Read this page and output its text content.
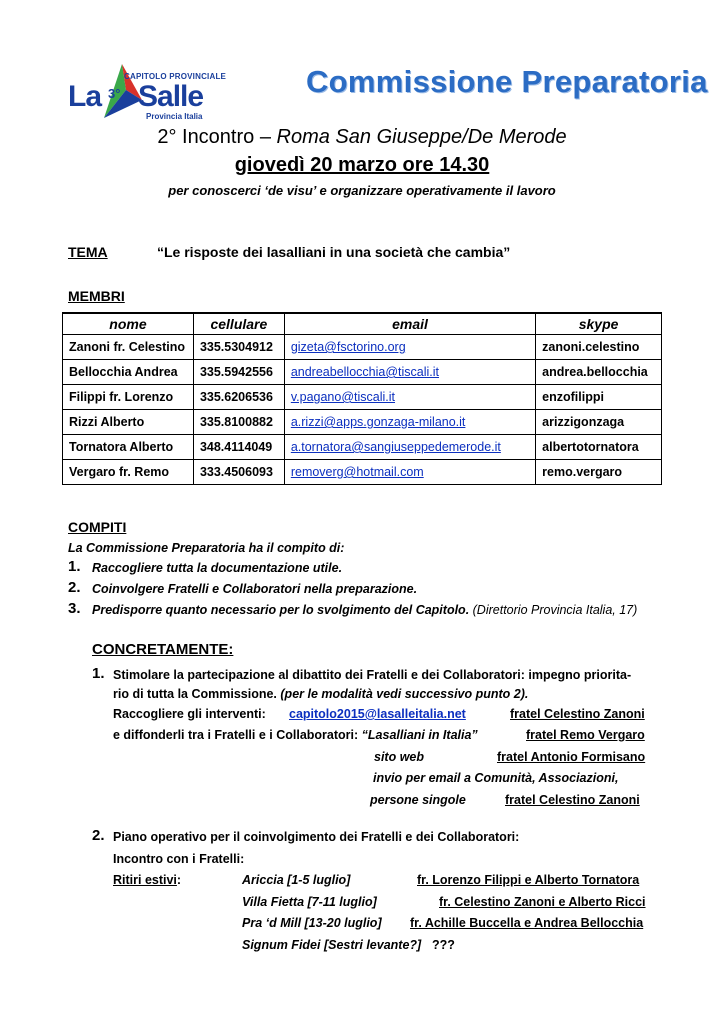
CAPITOLO PROVINCIALE
La 3° Salle
Provincia Italia
Commissione Preparatoria
2° Incontro – Roma San Giuseppe/De Merode
giovedì 20 marzo ore 14.30
per conoscerci ‘de visu’ e organizzare operativamente il lavoro
TEMA	“Le risposte dei lasalliani in una società che cambia”
MEMBRI
nome	cellulare	email	skype
Zanoni fr. Celestino	335.5304912	gizeta@fsctorino.org	zanoni.celestino
Bellocchia Andrea	335.5942556	andreabellocchia@tiscali.it	andrea.bellocchia
Filippi fr. Lorenzo	335.6206536	v.pagano@tiscali.it	enzofilippi
Rizzi Alberto	335.8100882	a.rizzi@apps.gonzaga-milano.it	arizzigonzaga
Tornatora Alberto	348.4114049	a.tornatora@sangiuseppedemerode.it	albertotornatora
Vergaro fr. Remo	333.4506093	removerg@hotmail.com	remo.vergaro
COMPITI
La Commissione Preparatoria ha il compito di:
1. Raccogliere tutta la documentazione utile.
2. Coinvolgere Fratelli e Collaboratori nella preparazione.
3. Predisporre quanto necessario per lo svolgimento del Capitolo. (Direttorio Provincia Italia, 17)
CONCRETAMENTE:
1. Stimolare la partecipazione al dibattito dei Fratelli e dei Collaboratori: impegno priorita-
rio di tutta la Commissione. (per le modalità vedi successivo punto 2).
Raccogliere gli interventi: capitolo2015@lasalleitalia.net	fratel Celestino Zanoni
e diffonderli tra i Fratelli e i Collaboratori: “Lasalliani in Italia”	fratel Remo Vergaro
sito web	fratel Antonio Formisano
invio per email a Comunità, Associazioni,
persone singole	fratel Celestino Zanoni
2. Piano operativo per il coinvolgimento dei Fratelli e dei Collaboratori:
Incontro con i Fratelli:
Ritiri estivi:	Ariccia [1-5 luglio]	fr. Lorenzo Filippi e Alberto Tornatora
Villa Fietta [7-11 luglio]	fr. Celestino Zanoni e Alberto Ricci
Pra ‘d Mill [13-20 luglio] fr. Achille Buccella e Andrea Bellocchia
Signum Fidei [Sestri levante?] ???
